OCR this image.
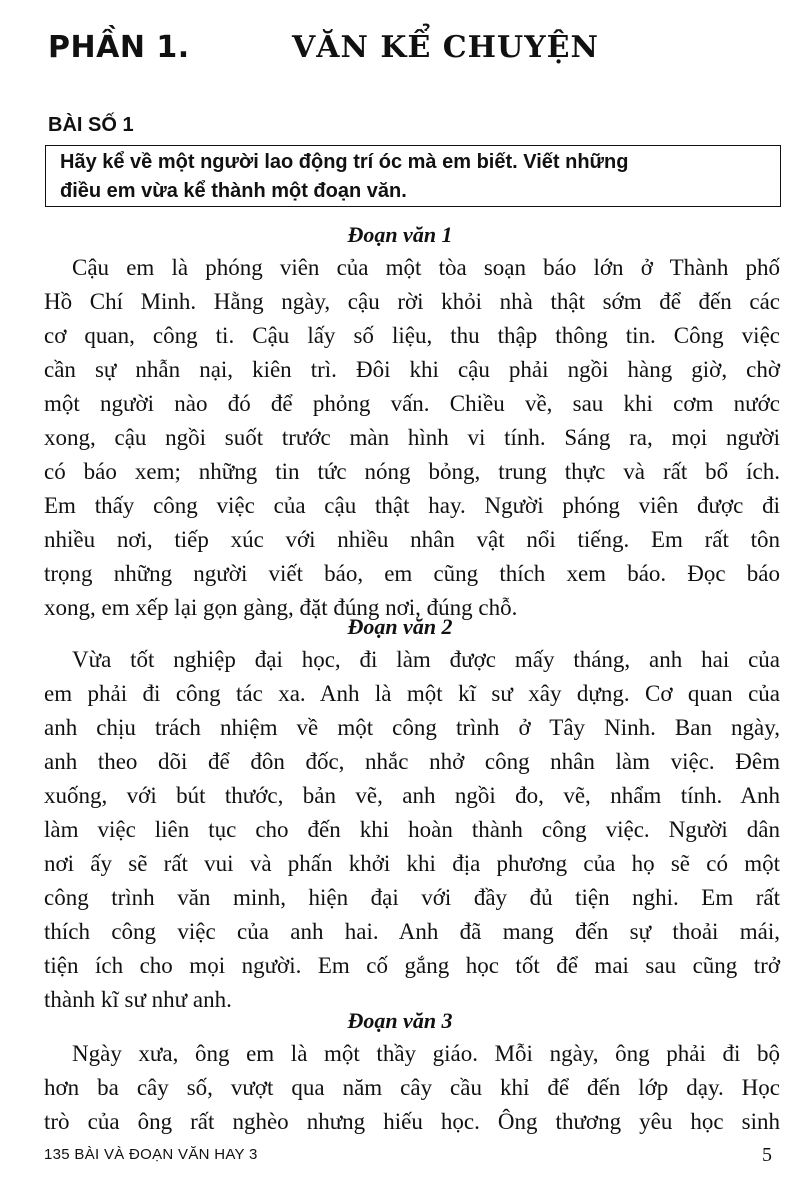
PHẦN 1.	VĂN KỂ CHUYỆN
BÀI SỐ 1
Hãy kể về một người lao động trí óc mà em biết. Viết những
điều em vừa kể thành một đoạn văn.
Đoạn văn 1
Cậu em là phóng viên của một tòa soạn báo lớn ở Thành phố
Hồ Chí Minh. Hằng ngày, cậu rời khỏi nhà thật sớm để đến các
cơ quan, công ti. Cậu lấy số liệu, thu thập thông tin. Công việc
cần sự nhẫn nại, kiên trì. Đôi khi cậu phải ngồi hàng giờ, chờ
một người nào đó để phỏng vấn. Chiều về, sau khi cơm nước
xong, cậu ngồi suốt trước màn hình vi tính. Sáng ra, mọi người
có báo xem; những tin tức nóng bỏng, trung thực và rất bổ ích.
Em thấy công việc của cậu thật hay. Người phóng viên được đi
nhiều nơi, tiếp xúc với nhiều nhân vật nổi tiếng. Em rất tôn
trọng những người viết báo, em cũng thích xem báo. Đọc báo
xong, em xếp lại gọn gàng, đặt đúng nơi, đúng chỗ.
Đoạn văn 2
Vừa tốt nghiệp đại học, đi làm được mấy tháng, anh hai của
em phải đi công tác xa. Anh là một kĩ sư xây dựng. Cơ quan của
anh chịu trách nhiệm về một công trình ở Tây Ninh. Ban ngày,
anh theo dõi để đôn đốc, nhắc nhở công nhân làm việc. Đêm
xuống, với bút thước, bản vẽ, anh ngồi đo, vẽ, nhẩm tính. Anh
làm việc liên tục cho đến khi hoàn thành công việc. Người dân
nơi ấy sẽ rất vui và phấn khởi khi địa phương của họ sẽ có một
công trình văn minh, hiện đại với đầy đủ tiện nghi. Em rất
thích công việc của anh hai. Anh đã mang đến sự thoải mái,
tiện ích cho mọi người. Em cố gắng học tốt để mai sau cũng trở
thành kĩ sư như anh.
Đoạn văn 3
Ngày xưa, ông em là một thầy giáo. Mỗi ngày, ông phải đi bộ
hơn ba cây số, vượt qua năm cây cầu khỉ để đến lớp dạy. Học
trò của ông rất nghèo nhưng hiếu học. Ông thương yêu học sinh
135 BÀI VÀ ĐOẠN VĂN HAY 3	5
